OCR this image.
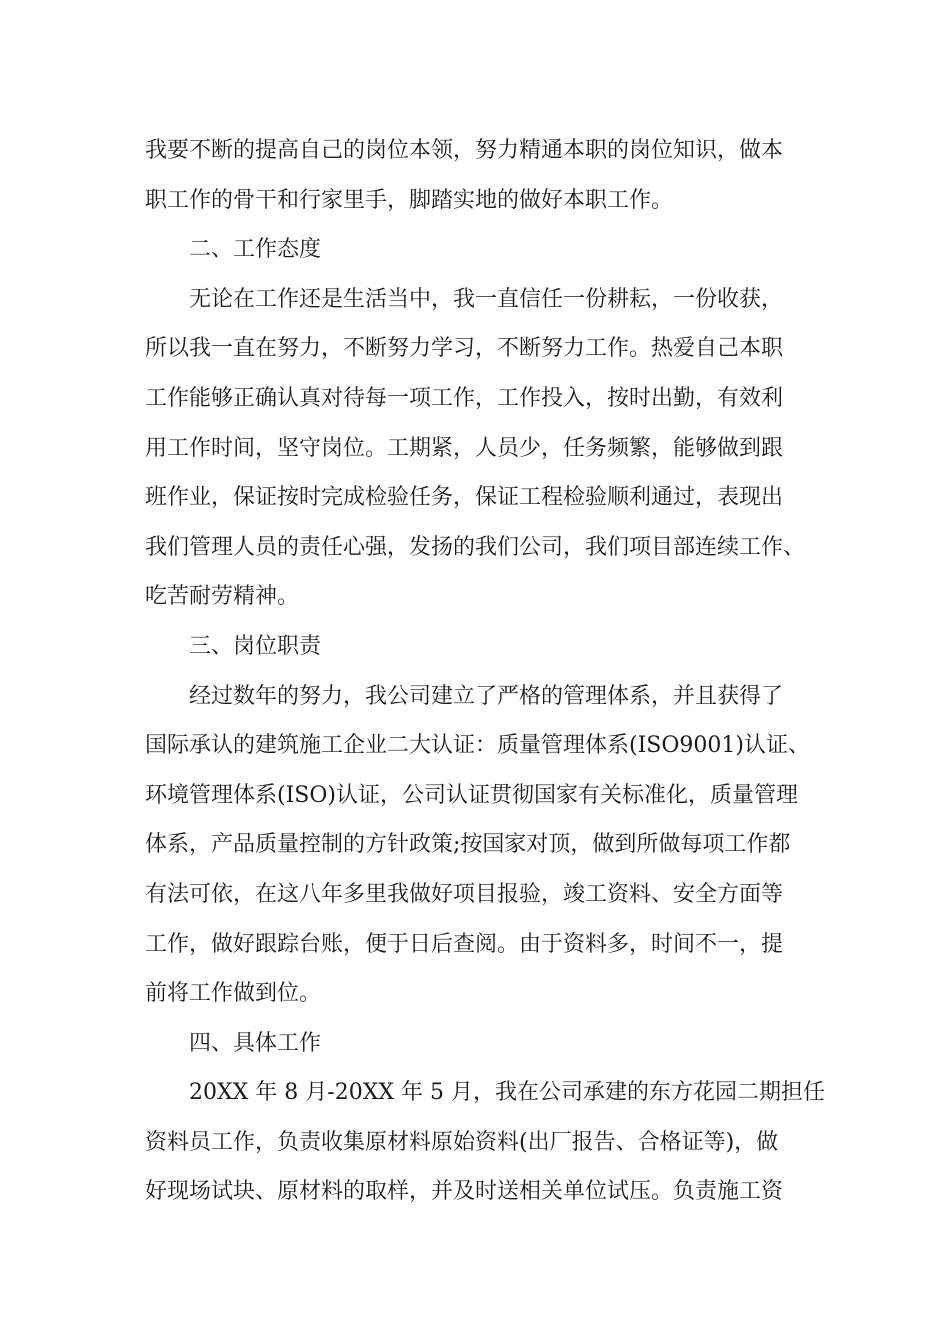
我要不断的提高自己的岗位本领，努力精通本职的岗位知识，做本
职工作的骨干和行家里手，脚踏实地的做好本职工作。
二、工作态度
无论在工作还是生活当中，我一直信任一份耕耘，一份收获，
所以我一直在努力，不断努力学习，不断努力工作。热爱自己本职
工作能够正确认真对待每一项工作，工作投入，按时出勤，有效利
用工作时间，坚守岗位。工期紧，人员少，任务频繁，能够做到跟
班作业，保证按时完成检验任务，保证工程检验顺利通过，表现出
我们管理人员的责任心强，发扬的我们公司，我们项目部连续工作、
吃苦耐劳精神。
三、岗位职责
经过数年的努力，我公司建立了严格的管理体系，并且获得了
国际承认的建筑施工企业二大认证：质量管理体系(ISO9001)认证、
环境管理体系(ISO)认证，公司认证贯彻国家有关标准化，质量管理
体系，产品质量控制的方针政策;按国家对顶，做到所做每项工作都
有法可依，在这八年多里我做好项目报验，竣工资料、安全方面等
工作，做好跟踪台账，便于日后查阅。由于资料多，时间不一，提
前将工作做到位。
四、具体工作
20XX 年 8 月-20XX 年 5 月，我在公司承建的东方花园二期担任
资料员工作，负责收集原材料原始资料(出厂报告、合格证等)，做
好现场试块、原材料的取样，并及时送相关单位试压。负责施工资
